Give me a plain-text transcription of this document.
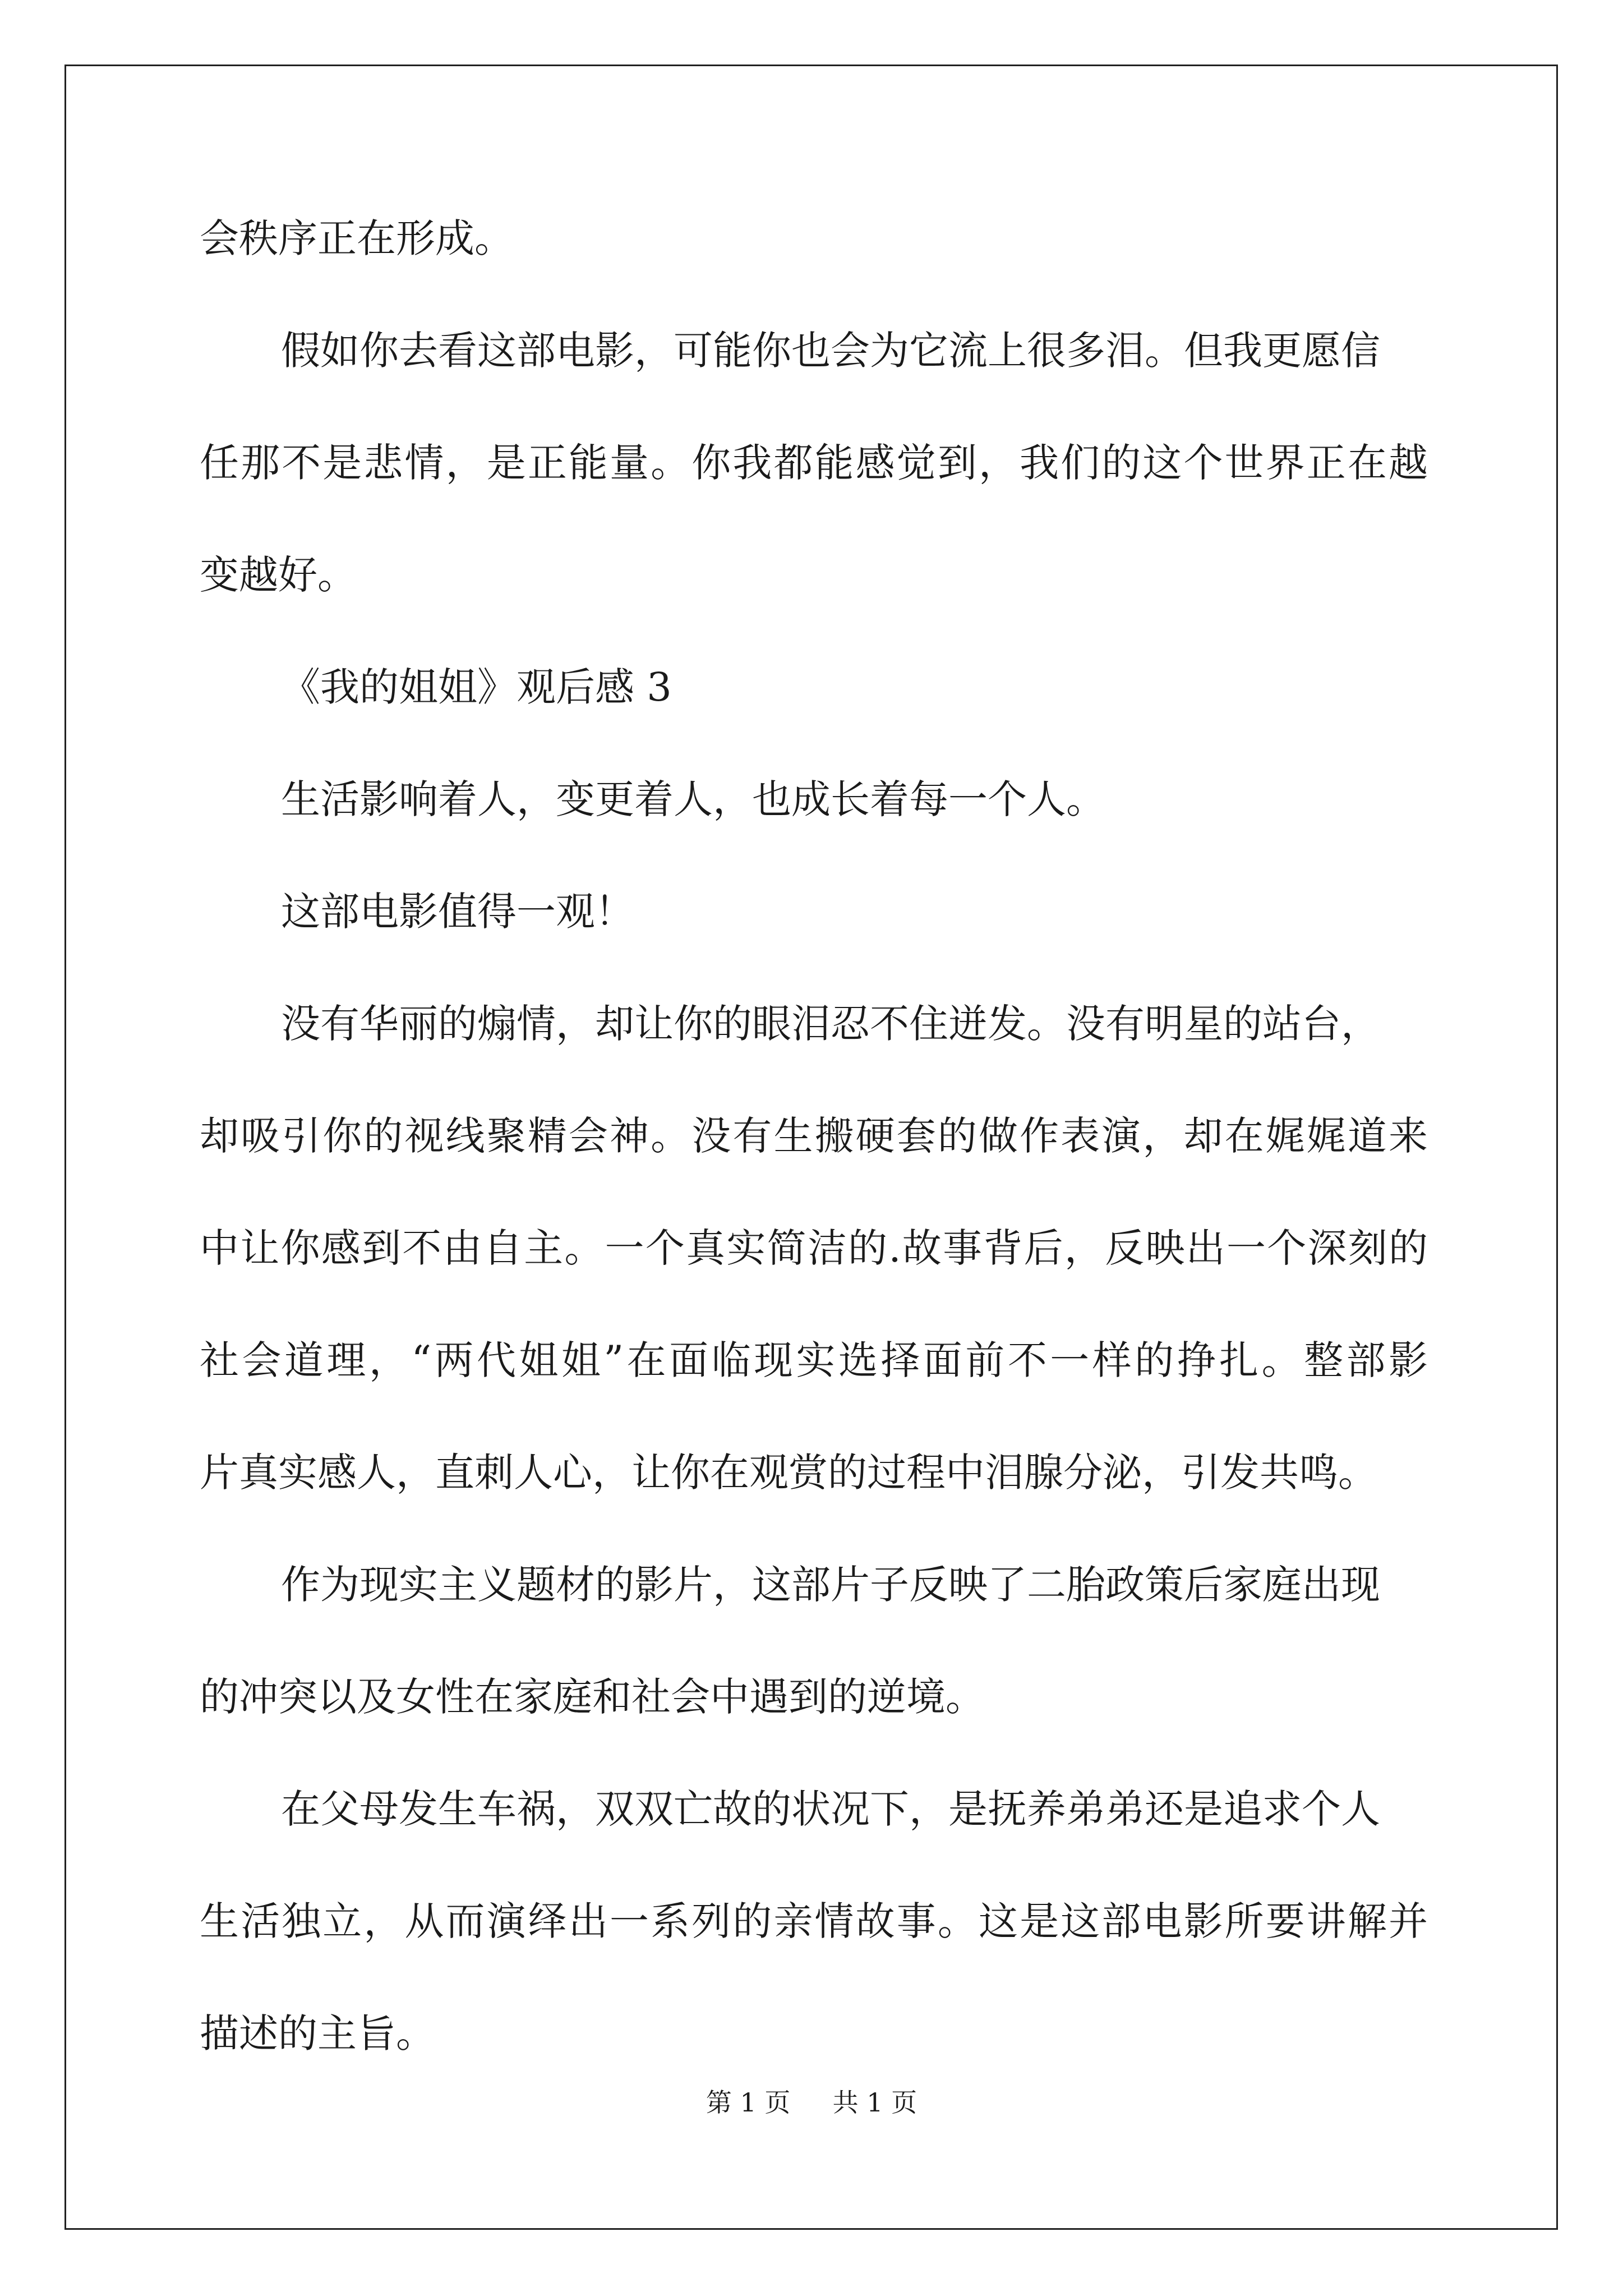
会秩序正在形成。
假如你去看这部电影，可能你也会为它流上很多泪。但我更愿信
任那不是悲情，是正能量。你我都能感觉到，我们的这个世界正在越
变越好。
《我的姐姐》观后感 3
生活影响着人，变更着人，也成长着每一个人。
这部电影值得一观！
没有华丽的煽情，却让你的眼泪忍不住迸发。没有明星的站台，
却吸引你的视线聚精会神。没有生搬硬套的做作表演，却在娓娓道来
中让你感到不由自主。一个真实简洁的.故事背后，反映出一个深刻的
社会道理，“两代姐姐”在面临现实选择面前不一样的挣扎。整部影
片真实感人，直刺人心，让你在观赏的过程中泪腺分泌，引发共鸣。
作为现实主义题材的影片，这部片子反映了二胎政策后家庭出现
的冲突以及女性在家庭和社会中遇到的逆境。
在父母发生车祸，双双亡故的状况下，是抚养弟弟还是追求个人
生活独立，从而演绎出一系列的亲情故事。这是这部电影所要讲解并
描述的主旨。
第 1 页 共 1 页
